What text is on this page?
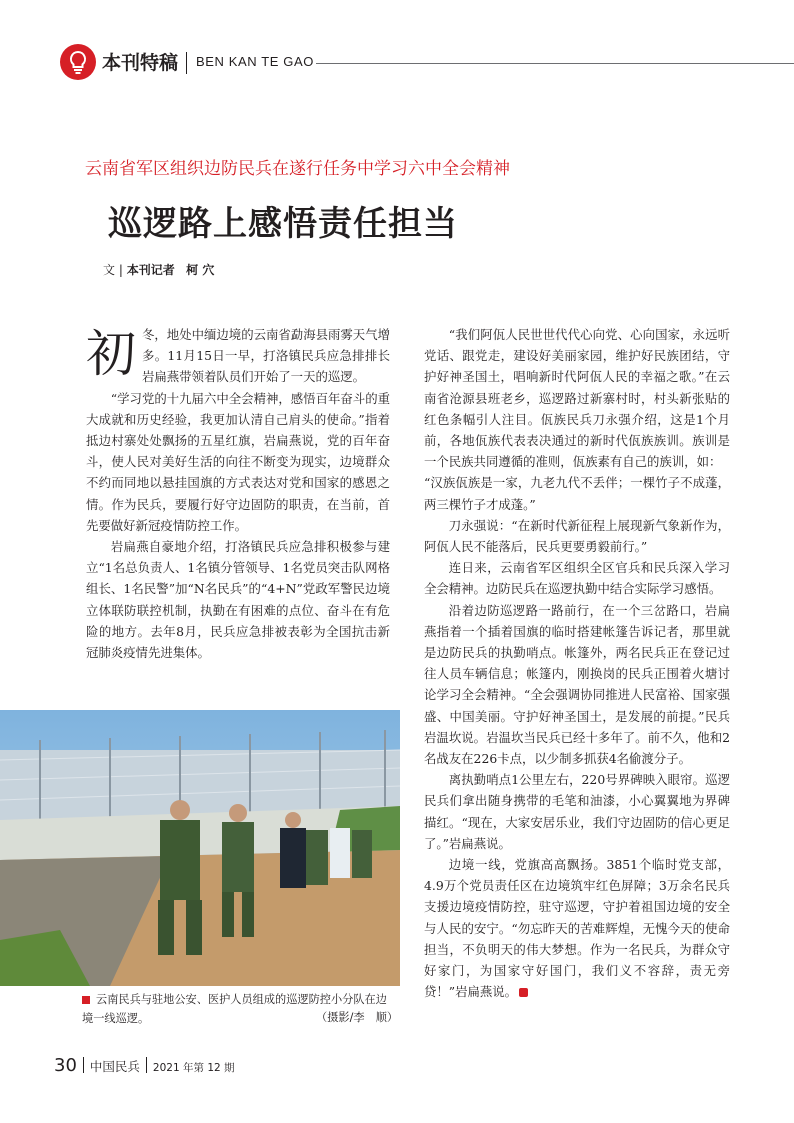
本刊特稿 BEN KAN TE GAO
云南省军区组织边防民兵在遂行任务中学习六中全会精神
巡逻路上感悟责任担当
文 | 本刊记者 柯 穴

初冬，地处中缅边境的云南省勐海县雨雾天气增多。11月15日一早，打洛镇民兵应急排排长岩扁燕带领着队员们开始了一天的巡逻。

“学习党的十九届六中全会精神，感悟百年奋斗的重大成就和历史经验，我更加认清自己肩头的使命。”指着抵边村寨处处飘扬的五星红旗，岩扁燕说，党的百年奋斗，使人民对美好生活的向往不断变为现实，边境群众不约而同地以悬挂国旗的方式表达对党和国家的感恩之情。作为民兵，要履行好守边固防的职责，在当前，首先要做好新冠疫情防控工作。

岩扁燕自豪地介绍，打洛镇民兵应急排积极参与建立“1名总负责人、1名镇分管领导、1名党员突击队网格组长、1名民警”加“N名民兵”的“4+N”党政军警民边境立体联防联控机制，执勤在有困难的点位、奋斗在有危险的地方。去年8月，民兵应急排被表彰为全国抗击新冠肺炎疫情先进集体。

云南民兵与驻地公安、医护人员组成的巡逻防控小分队在边境一线巡逻。	（摄影/李　顺）

“我们阿佤人民世世代代心向党、心向国家，永远听党话、跟党走，建设好美丽家园，维护好民族团结，守护好神圣国土，唱响新时代阿佤人民的幸福之歌。”在云南省沧源县班老乡，巡逻路过新寨村时，村头新张贴的红色条幅引人注目。佤族民兵刀永强介绍，这是1个月前，各地佤族代表表决通过的新时代佤族族训。族训是一个民族共同遵循的准则，佤族素有自己的族训，如：

“汉族佤族是一家，九老九代不丢伴；一棵竹子不成蓬，两三棵竹子才成蓬。”

刀永强说：“在新时代新征程上展现新气象新作为，阿佤人民不能落后，民兵更要勇毅前行。”

连日来，云南省军区组织全区官兵和民兵深入学习全会精神。边防民兵在巡逻执勤中结合实际学习感悟。

沿着边防巡逻路一路前行，在一个三岔路口，岩扁燕指着一个插着国旗的临时搭建帐篷告诉记者，那里就是边防民兵的执勤哨点。帐篷外，两名民兵正在登记过往人员车辆信息；帐篷内，刚换岗的民兵正围着火塘讨论学习全会精神。“全会强调协同推进人民富裕、国家强盛、中国美丽。守护好神圣国土，是发展的前提。”民兵岩温坎说。岩温坎当民兵已经十多年了。前不久，他和2名战友在226卡点，以少制多抓获4名偷渡分子。

离执勤哨点1公里左右，220号界碑映入眼帘。巡逻民兵们拿出随身携带的毛笔和油漆，小心翼翼地为界碑描红。“现在，大家安居乐业，我们守边固防的信心更足了。”岩扁燕说。

边境一线，党旗高高飘扬。3851个临时党支部，4.9万个党员责任区在边境筑牢红色屏障；3万余名民兵支援边境疫情防控，驻守巡逻，守护着祖国边境的安全与人民的安宁。“勿忘昨天的苦难辉煌，无愧今天的使命担当，不负明天的伟大梦想。作为一名民兵，为群众守好家门，为国家守好国门，我们义不容辞，责无旁贷！”岩扁燕说。

30 中国民兵 2021 年第 12 期
